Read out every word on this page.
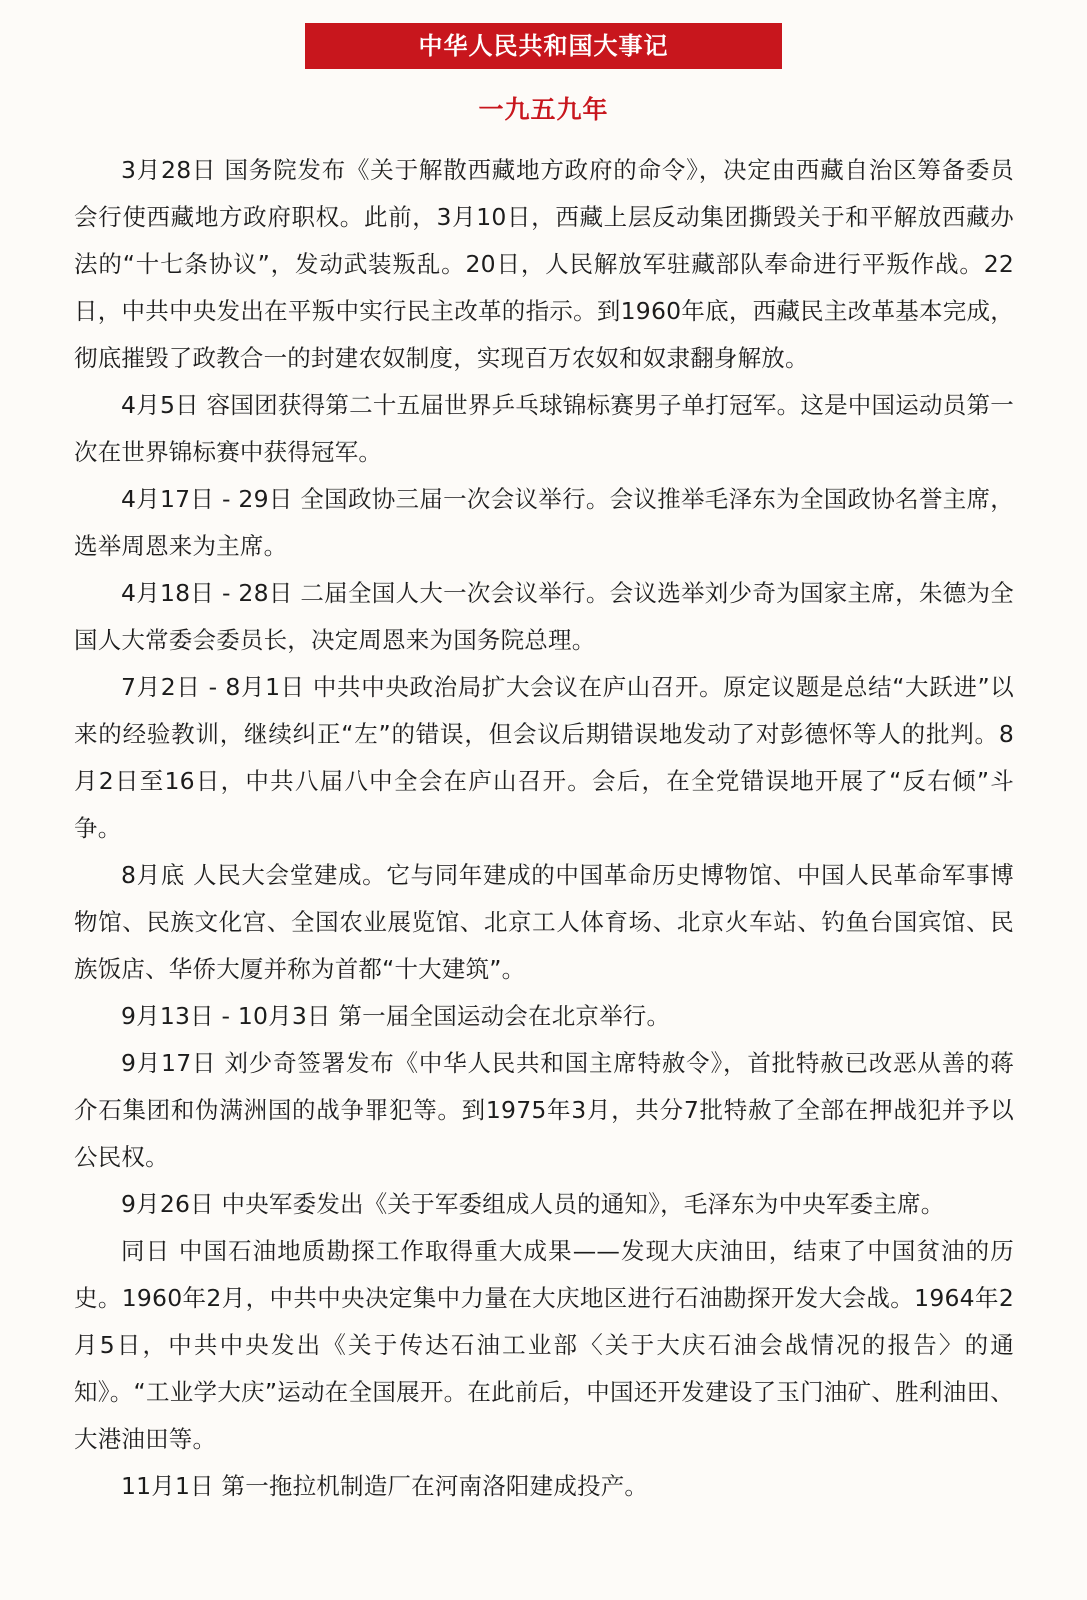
中华人民共和国大事记
一九五九年

3月28日 国务院发布《关于解散西藏地方政府的命令》，决定由西藏自治区筹备委员会行使西藏地方政府职权。此前，3月10日，西藏上层反动集团撕毁关于和平解放西藏办法的“十七条协议”，发动武装叛乱。20日，人民解放军驻藏部队奉命进行平叛作战。22日，中共中央发出在平叛中实行民主改革的指示。到1960年底，西藏民主改革基本完成，彻底摧毁了政教合一的封建农奴制度，实现百万农奴和奴隶翻身解放。

4月5日 容国团获得第二十五届世界乒乓球锦标赛男子单打冠军。这是中国运动员第一次在世界锦标赛中获得冠军。

4月17日 - 29日 全国政协三届一次会议举行。会议推举毛泽东为全国政协名誉主席，选举周恩来为主席。

4月18日 - 28日 二届全国人大一次会议举行。会议选举刘少奇为国家主席，朱德为全国人大常委会委员长，决定周恩来为国务院总理。

7月2日 - 8月1日 中共中央政治局扩大会议在庐山召开。原定议题是总结“大跃进”以来的经验教训，继续纠正“左”的错误，但会议后期错误地发动了对彭德怀等人的批判。8月2日至16日，中共八届八中全会在庐山召开。会后，在全党错误地开展了“反右倾”斗争。

8月底 人民大会堂建成。它与同年建成的中国革命历史博物馆、中国人民革命军事博物馆、民族文化宫、全国农业展览馆、北京工人体育场、北京火车站、钓鱼台国宾馆、民族饭店、华侨大厦并称为首都“十大建筑”。

9月13日 - 10月3日 第一届全国运动会在北京举行。

9月17日 刘少奇签署发布《中华人民共和国主席特赦令》，首批特赦已改恶从善的蒋介石集团和伪满洲国的战争罪犯等。到1975年3月，共分7批特赦了全部在押战犯并予以公民权。

9月26日 中央军委发出《关于军委组成人员的通知》，毛泽东为中央军委主席。

同日 中国石油地质勘探工作取得重大成果——发现大庆油田，结束了中国贫油的历史。1960年2月，中共中央决定集中力量在大庆地区进行石油勘探开发大会战。1964年2月5日，中共中央发出《关于传达石油工业部〈关于大庆石油会战情况的报告〉的通知》。“工业学大庆”运动在全国展开。在此前后，中国还开发建设了玉门油矿、胜利油田、大港油田等。

11月1日 第一拖拉机制造厂在河南洛阳建成投产。
